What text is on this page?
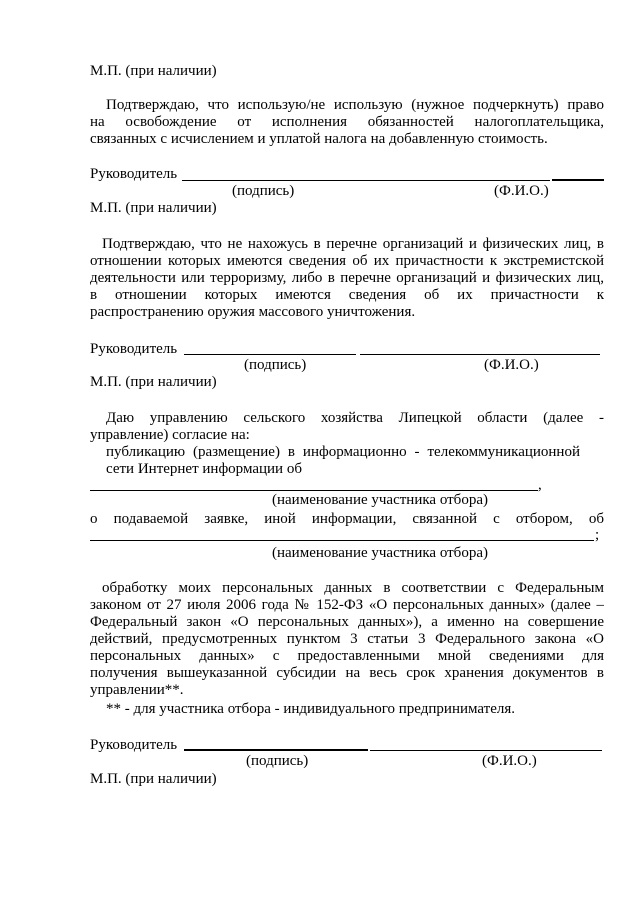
М.П. (при наличии)
Подтверждаю, что использую/не использую (нужное подчеркнуть) право
на освобождение от исполнения обязанностей налогоплательщика,
связанных с исчислением и уплатой налога на добавленную стоимость.
Руководитель
(подпись)	(Ф.И.О.)
М.П. (при наличии)
Подтверждаю, что не нахожусь в перечне организаций и физических лиц, в
отношении которых имеются сведения об их причастности к экстремистской
деятельности или терроризму, либо в перечне организаций и физических лиц,
в отношении которых имеются сведения об их причастности к
распространению оружия массового уничтожения.
Руководитель
(подпись)	(Ф.И.О.)
М.П. (при наличии)
Даю управлению сельского хозяйства Липецкой области (далее -
управление) согласие на:
публикацию (размещение) в информационно - телекоммуникационной
сети Интернет информации об
,
(наименование участника отбора)
о подаваемой заявке, иной информации, связанной с отбором, об
;
(наименование участника отбора)
обработку моих персональных данных в соответствии с Федеральным
законом от 27 июля 2006 года № 152-ФЗ «О персональных данных» (далее –
Федеральный закон «О персональных данных»), а именно на совершение
действий, предусмотренных пунктом 3 статьи 3 Федерального закона «О
персональных данных» с предоставленными мной сведениями для
получения вышеуказанной субсидии на весь срок хранения документов в
управлении**.
** - для участника отбора - индивидуального предпринимателя.
Руководитель
(подпись)	(Ф.И.О.)
М.П. (при наличии)
